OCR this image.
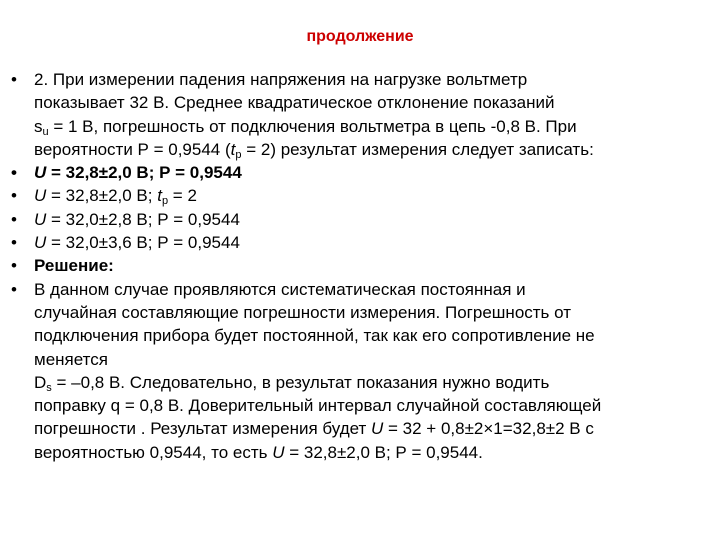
продолжение
• 2. При измерении падения напряжения на нагрузке вольтметр
показывает 32 В. Среднее квадратическое отклонение показаний
$s_u = 1$ В, погрешность от подключения вольтметра в цепь -0,8 В. При
вероятности Р = 0,9544 $(t_p = 2)$ результат измерения следует записать:
• U = 32,8±2,0 В; Р = 0,9544
• U = 32,8±2,0 В; $t_p = 2$
• U = 32,0±2,8 В; Р = 0,9544
• U = 32,0±3,6 В; Р = 0,9544
• Решение:
• В данном случае проявляются систематическая постоянная и
случайная составляющие погрешности измерения. Погрешность от
подключения прибора будет постоянной, так как его сопротивление не
меняется
$D_s = -0,8$ В. Следовательно, в результат показания нужно водить
поправку q = 0,8 В. Доверительный интервал случайной составляющей
погрешности . Результат измерения будет U = 32 + 0,8±2×1=32,8±2 В с
вероятностью 0,9544, то есть U = 32,8±2,0 В; Р = 0,9544.
